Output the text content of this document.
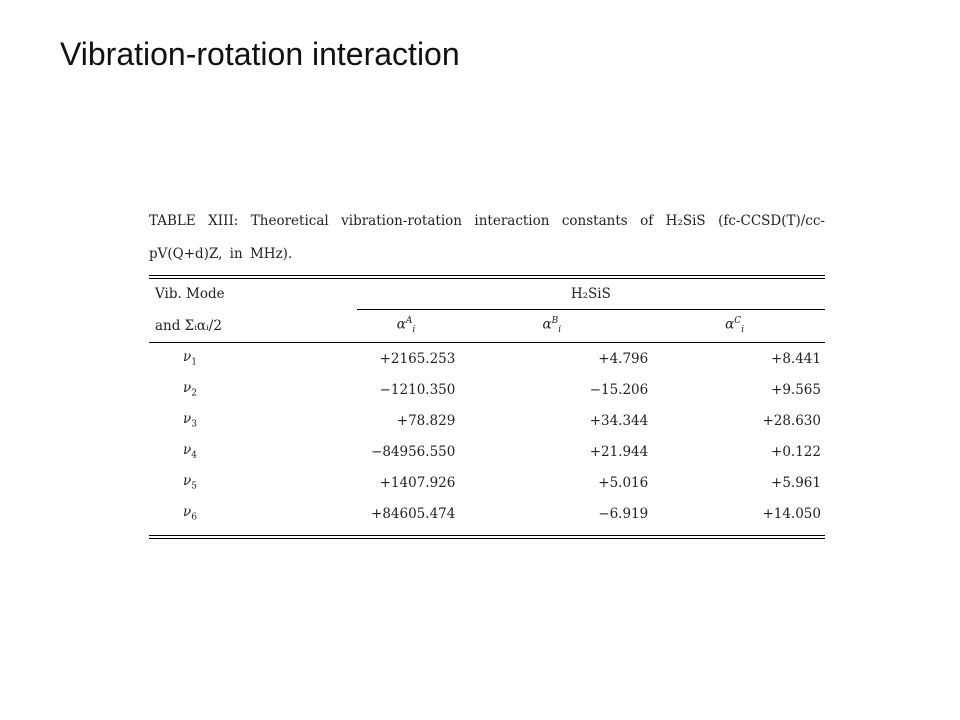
Vibration-rotation interaction
TABLE XIII: Theoretical vibration-rotation interaction constants of H₂SiS (fc-CCSD(T)/cc-pV(Q+d)Z, in MHz).
Vib. Mode	H₂SiS		
and Σᵢαᵢ/2	$\alpha^A_i$	$\alpha^B_i$	$\alpha^C_i$

$\nu_1$	+2165.253	+4.796	+8.441
$\nu_2$	−1210.350	−15.206	+9.565
$\nu_3$	+78.829	+34.344	+28.630
$\nu_4$	−84956.550	+21.944	+0.122
$\nu_5$	+1407.926	+5.016	+5.961
$\nu_6$	+84605.474	−6.919	+14.050
